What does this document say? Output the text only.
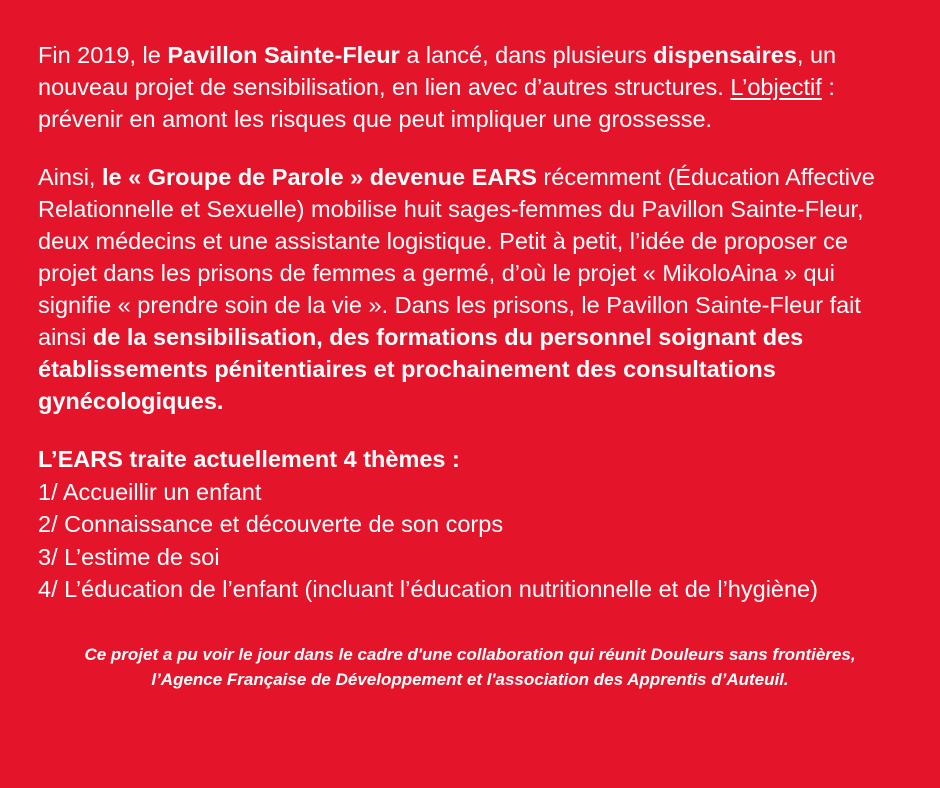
Fin 2019, le Pavillon Sainte-Fleur a lancé, dans plusieurs dispensaires, un nouveau projet de sensibilisation, en lien avec d’autres structures. L’objectif : prévenir en amont les risques que peut impliquer une grossesse.

Ainsi, le « Groupe de Parole » devenue EARS récemment (Éducation Affective Relationnelle et Sexuelle) mobilise huit sages-femmes du Pavillon Sainte-Fleur, deux médecins et une assistante logistique. Petit à petit, l’idée de proposer ce projet dans les prisons de femmes a germé, d’où le projet « MikoloAina » qui signifie « prendre soin de la vie ». Dans les prisons, le Pavillon Sainte-Fleur fait ainsi de la sensibilisation, des formations du personnel soignant des établissements pénitentiaires et prochainement des consultations gynécologiques.

L’EARS traite actuellement 4 thèmes :
1/ Accueillir un enfant
2/ Connaissance et découverte de son corps
3/ L’estime de soi
4/ L’éducation de l’enfant (incluant l’éducation nutritionnelle et de l’hygiène)
Ce projet a pu voir le jour dans le cadre d'une collaboration qui réunit Douleurs sans frontières,
l’Agence Française de Développement et l'association des Apprentis d’Auteuil.
